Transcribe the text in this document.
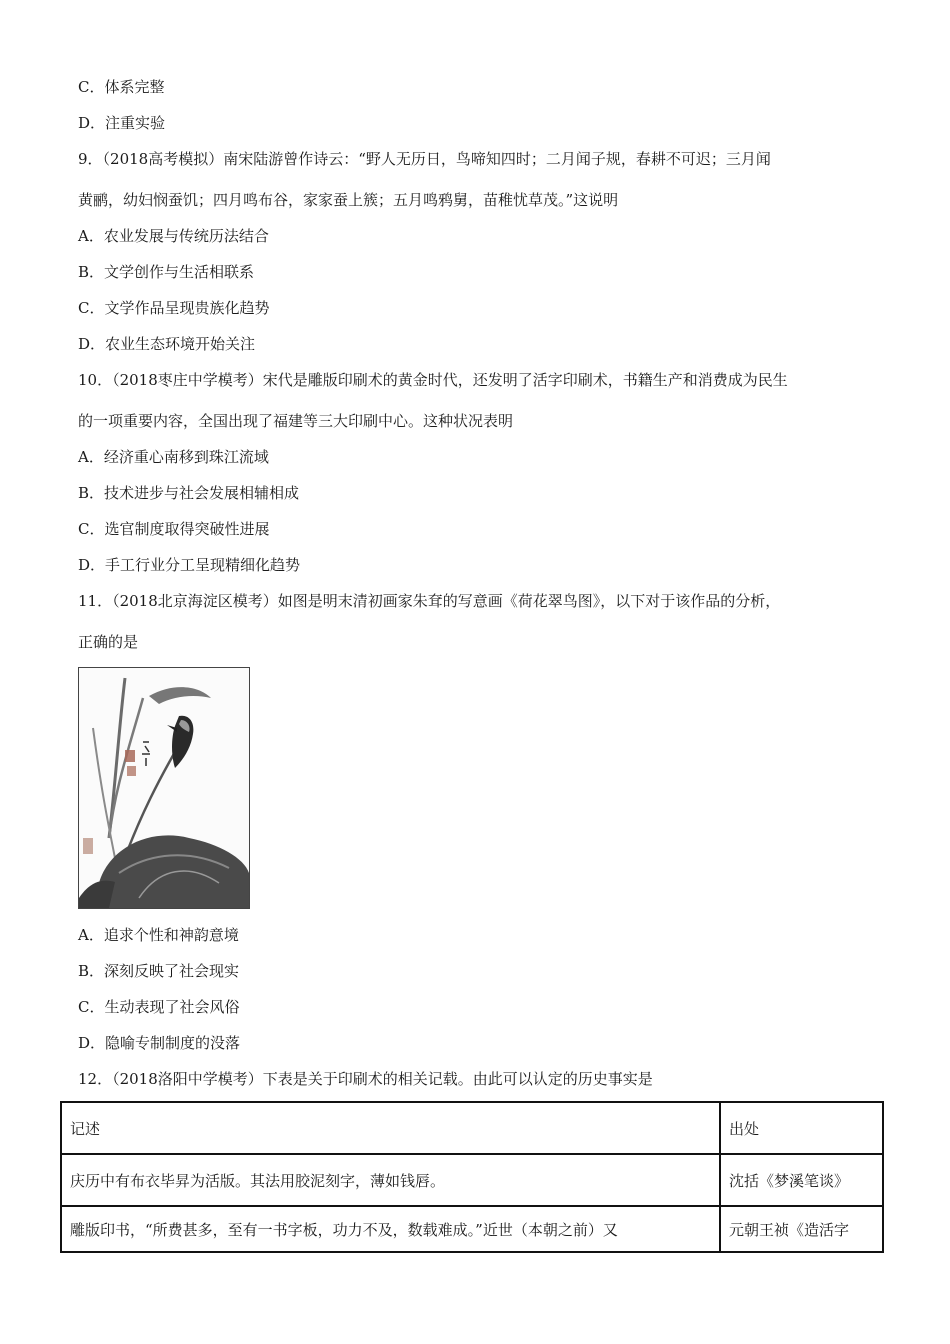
C．体系完整
D．注重实验
9．（2018高考模拟）南宋陆游曾作诗云：“野人无历日，鸟啼知四时；二月闻子规，春耕不可迟；三月闻
黄鹂，幼妇悯蚕饥；四月鸣布谷，家家蚕上簇；五月鸣鸦舅，苗稚忧草茂。”这说明
A．农业发展与传统历法结合
B．文学创作与生活相联系
C．文学作品呈现贵族化趋势
D．农业生态环境开始关注
10．（2018枣庄中学模考）宋代是雕版印刷术的黄金时代，还发明了活字印刷术，书籍生产和消费成为民生
的一项重要内容，全国出现了福建等三大印刷中心。这种状况表明
A．经济重心南移到珠江流域
B．技术进步与社会发展相辅相成
C．选官制度取得突破性进展
D．手工行业分工呈现精细化趋势
11．（2018北京海淀区模考）如图是明末清初画家朱耷的写意画《荷花翠鸟图》，以下对于该作品的分析，
正确的是
A．追求个性和神韵意境
B．深刻反映了社会现实
C．生动表现了社会风俗
D．隐喻专制制度的没落
12．（2018洛阳中学模考）下表是关于印刷术的相关记载。由此可以认定的历史事实是
记述	出处
庆历中有布衣毕昇为活版。其法用胶泥刻字，薄如钱唇。	沈括《梦溪笔谈》
雕版印书，“所费甚多，至有一书字板，功力不及，数载难成。”近世（本朝之前）又	元朝王祯《造活字
